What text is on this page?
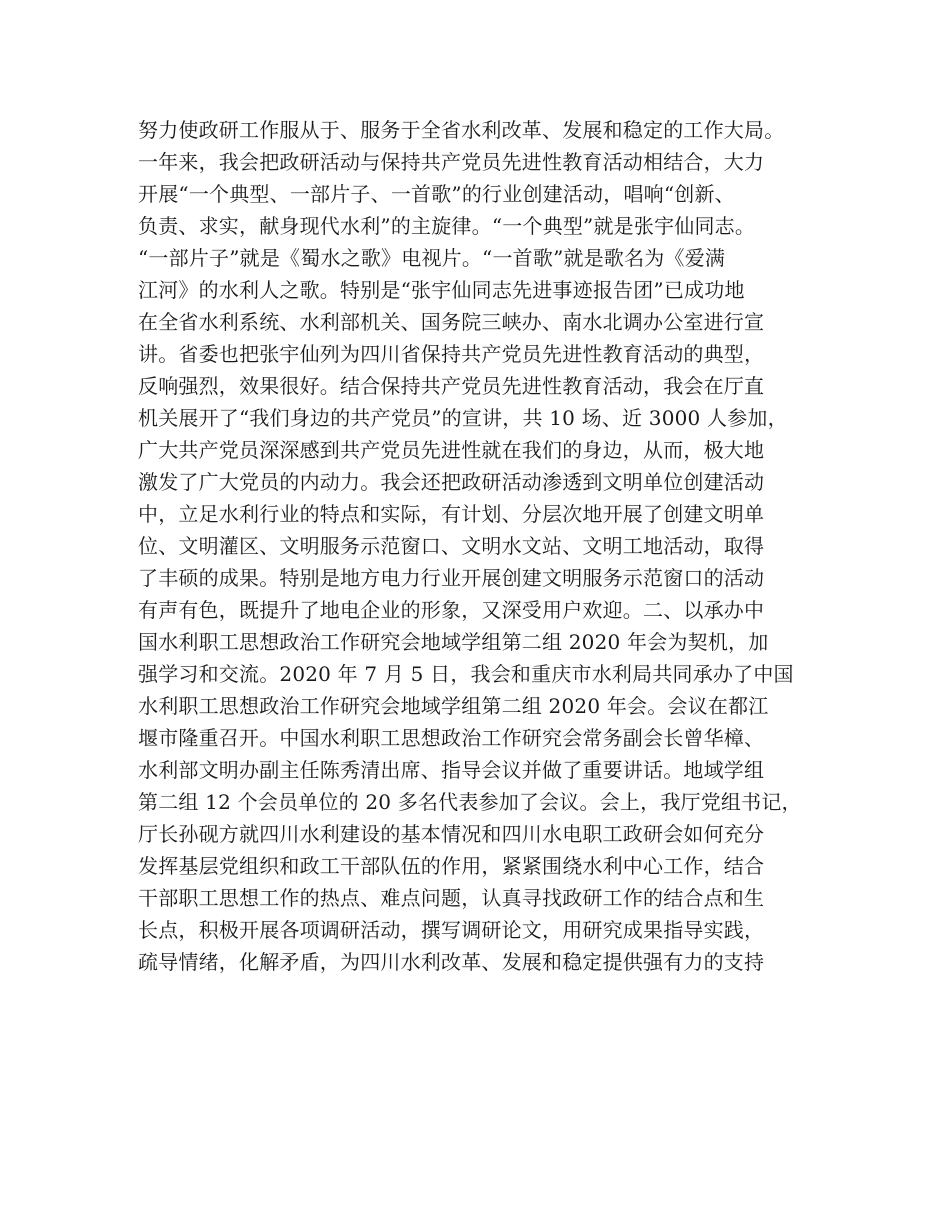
努力使政研工作服从于、服务于全省水利改革、发展和稳定的工作大局。
一年来，我会把政研活动与保持共产党员先进性教育活动相结合，大力
开展“一个典型、一部片子、一首歌”的行业创建活动，唱响“创新、
负责、求实，献身现代水利”的主旋律。“一个典型”就是张宇仙同志。
“一部片子”就是《蜀水之歌》电视片。“一首歌”就是歌名为《爱满
江河》的水利人之歌。特别是“张宇仙同志先进事迹报告团”已成功地
在全省水利系统、水利部机关、国务院三峡办、南水北调办公室进行宣
讲。省委也把张宇仙列为四川省保持共产党员先进性教育活动的典型，
反响强烈，效果很好。结合保持共产党员先进性教育活动，我会在厅直
机关展开了“我们身边的共产党员”的宣讲，共 10 场、近 3000 人参加，
广大共产党员深深感到共产党员先进性就在我们的身边，从而，极大地
激发了广大党员的内动力。我会还把政研活动渗透到文明单位创建活动
中，立足水利行业的特点和实际，有计划、分层次地开展了创建文明单
位、文明灌区、文明服务示范窗口、文明水文站、文明工地活动，取得
了丰硕的成果。特别是地方电力行业开展创建文明服务示范窗口的活动
有声有色，既提升了地电企业的形象，又深受用户欢迎。二、以承办中
国水利职工思想政治工作研究会地域学组第二组 2020 年会为契机，加
强学习和交流。2020 年 7 月 5 日，我会和重庆市水利局共同承办了中国
水利职工思想政治工作研究会地域学组第二组 2020 年会。会议在都江
堰市隆重召开。中国水利职工思想政治工作研究会常务副会长曾华樟、
水利部文明办副主任陈秀清出席、指导会议并做了重要讲话。地域学组
第二组 12 个会员单位的 20 多名代表参加了会议。会上，我厅党组书记，
厅长孙砚方就四川水利建设的基本情况和四川水电职工政研会如何充分
发挥基层党组织和政工干部队伍的作用，紧紧围绕水利中心工作，结合
干部职工思想工作的热点、难点问题，认真寻找政研工作的结合点和生
长点，积极开展各项调研活动，撰写调研论文，用研究成果指导实践，
疏导情绪，化解矛盾，为四川水利改革、发展和稳定提供强有力的支持
